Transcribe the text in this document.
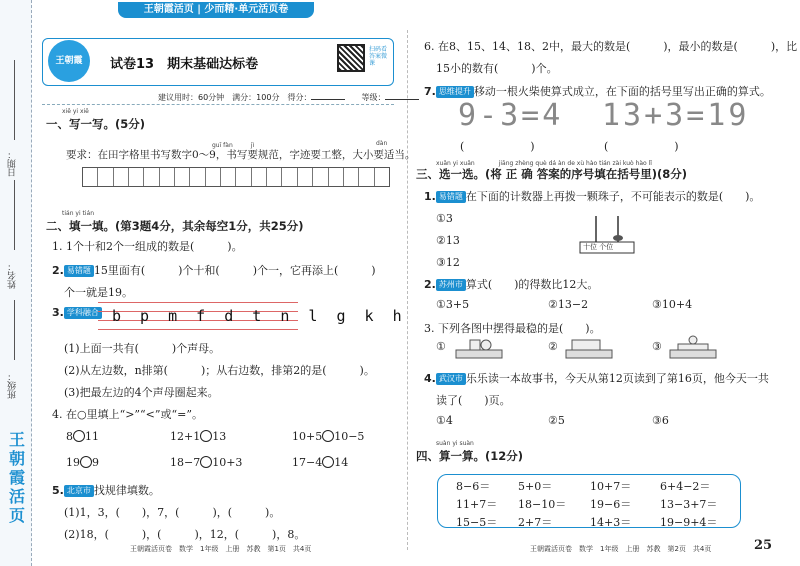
日期：
姓名：
班级：
王朝霞活页
王朝霞活页 | 少而精·单元活页卷
王朝霞	试卷13　期末基础达标卷
扫码看答案微课
建议用时：60分钟　满分：100分　得分：　　	等级：
xiě yi xiě
一、写一写。(5分)
guī fàn　　　jì	dàn
要求：在田字格里书写数字0～9，书写要规范，字迹要工整，大小要适当。
tián yi tián
二、填一填。(第3题4分，其余每空1分，共25分)
1. 1个十和2个一组成的数是(　　　)。
2. 易错题 15里面有(　　　)个十和(　　　)个一，它再添上(　　　)
个一就是19。
3. 学科融合 b p m f d t n l g k h
(1)上面一共有(　　　)个声母。
(2)从左边数，n排第(　　　)；从右边数，排第2的是(　　　)。
(3)把最左边的4个声母圈起来。
4. 在○里填上“>”“<”或“=”。
8 11	12+1 13	10+5 10−5
19 9	18−7 10+3	17−4 14
5. 北京市 找规律填数。
(1)1，3，(　　)，7，(　　　)，(　　　)。
(2)18，(　　　)，(　　　)，12，(　　　)，8。
王朝霞活页卷　数学　1年级　上册　苏教　第1页　共4页
6. 在8、15、14、18、2中，最大的数是(　　　)，最小的数是(　　　)，比
15小的数有(　　　)个。
7. 思维提升 移动一根火柴使算式成立，在下面的括号里写出正确的算式。
9-3=4 13+3=19
(　　　　　　)	(　　　　　　)
xuǎn yi xuǎn　　　　jiāng zhèng què dá àn de xù hào tián zài kuò hào lǐ
三、选一选。(将 正 确 答案的序号填在括号里)(8分)
1. 易错题 在下面的计数器上再拨一颗珠子，不可能表示的数是(　　)。
①3
②13
③12
十位 个位
2. 苏州市 算式(　　)的得数比12大。
①3+5	②13−2	③10+4
3. 下列各图中摆得最稳的是(　　)。
①	②	③
4. 武汉市 乐乐读一本故事书，今天从第12页读到了第16页，他今天一共
读了(　　)页。
①4	②5	③6
suàn yi suàn
四、算一算。(12分)
8−6＝	5+0＝	10+7＝	6+4−2＝
11+7＝ 18−10＝ 19−6＝	13−3+7＝
15−5＝ 2+7＝	14+3＝	19−9+4＝
王朝霞活页卷　数学　1年级　上册　苏教　第2页　共4页	25
